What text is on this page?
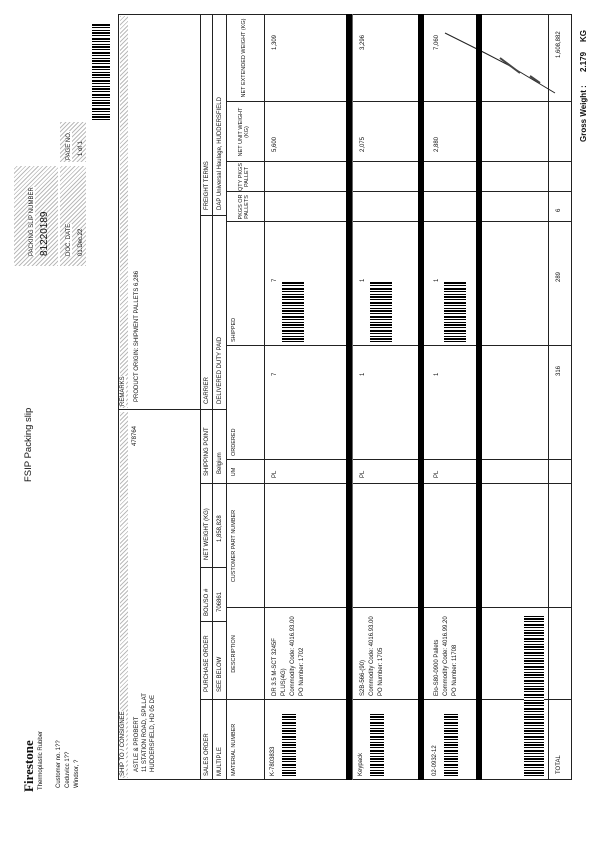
Firestone Thermoplastic Rubber Customer no. 1?? Ceduvicc 1?? Windsor, ?
FSIP Packing slip
PACKING SLIP NUMBER 81220189	DOC. DATE 01.Dec.22
PAGE NO. 1 of 1
SHIP TO / CONSIGNEE ASTLE & PROBERT 11 STATION ROAD, SPILLAT HUDDERSFIELD, HD 05 DE
478764
REMARKS PRODUCT ORIGIN: SHIPMENT PALLETS 6,286
SALES ORDER
PURCHASE ORDER
BOL/SO #
NET WEIGHT (KG)
SHIPPING POINT
CARRIER
FREIGHT TERMS
MULTIPLE
SEE BELOW
706861
1,858,828
Belgium
DELIVERED DUTY PAID
DAP Universal Haulage, HUDDERSFIELD
MATERIAL NUMBER
DESCRIPTION
CUSTOMER PART NUMBER
UM
ORDERED
SHIPPED
PKGS OR PALLETS
QTY PKGS PALLET
NET UNIT WEIGHT (KG)
NET EXTENDED WEIGHT (KG)
K-7803833
DR 3.5 M-SCT 3245F PLUS(4G) Commodity Code: 4016.93.00 PO Number: 1702
PL
7
7
5,600
1,309
Keypack
S2B-566-(90) Commodity Code: 4016.93.00 PO Number: 1705
PL
1
1
2,075
3,296
02-0932-12
Elo-S80-0900 Pallets Commodity Code: 4016.99.20 PO Number: 11708
PL
1
1
2,880
7,060
TOTAL
316
289
6
1,608,882
Gross Weight :
2.179
KG
